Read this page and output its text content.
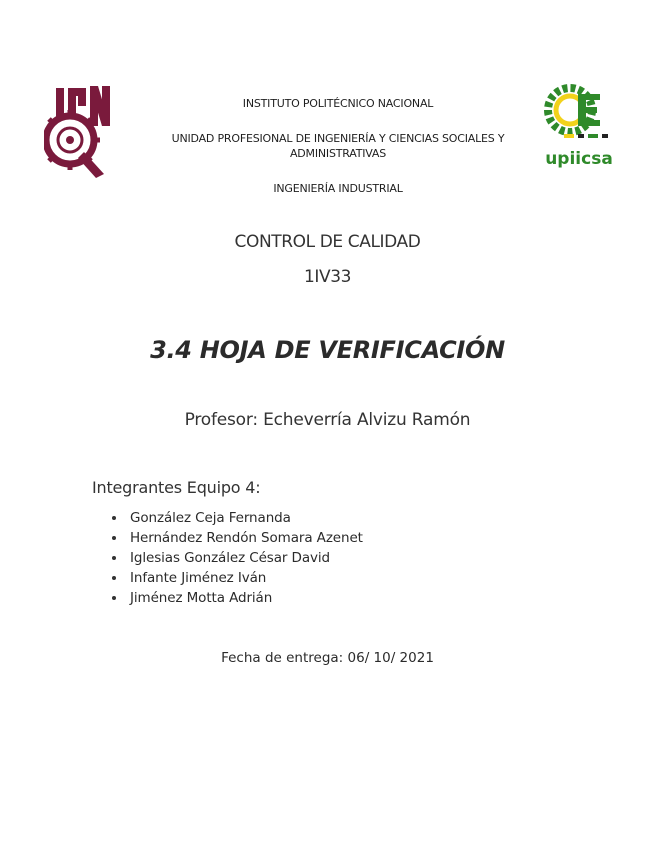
upiicsa
INSTITUTO POLITÉCNICO NACIONAL
UNIDAD PROFESIONAL DE INGENIERÍA Y CIENCIAS SOCIALES Y ADMINISTRATIVAS
INGENIERÍA INDUSTRIAL
CONTROL DE CALIDAD
1IV33
3.4 HOJA DE VERIFICACIÓN
Profesor: Echeverría Alvizu Ramón
Integrantes Equipo 4:
González Ceja Fernanda
Hernández Rendón Somara Azenet
Iglesias González César David
Infante Jiménez Iván
Jiménez Motta Adrián
Fecha de entrega: 06/ 10/ 2021
